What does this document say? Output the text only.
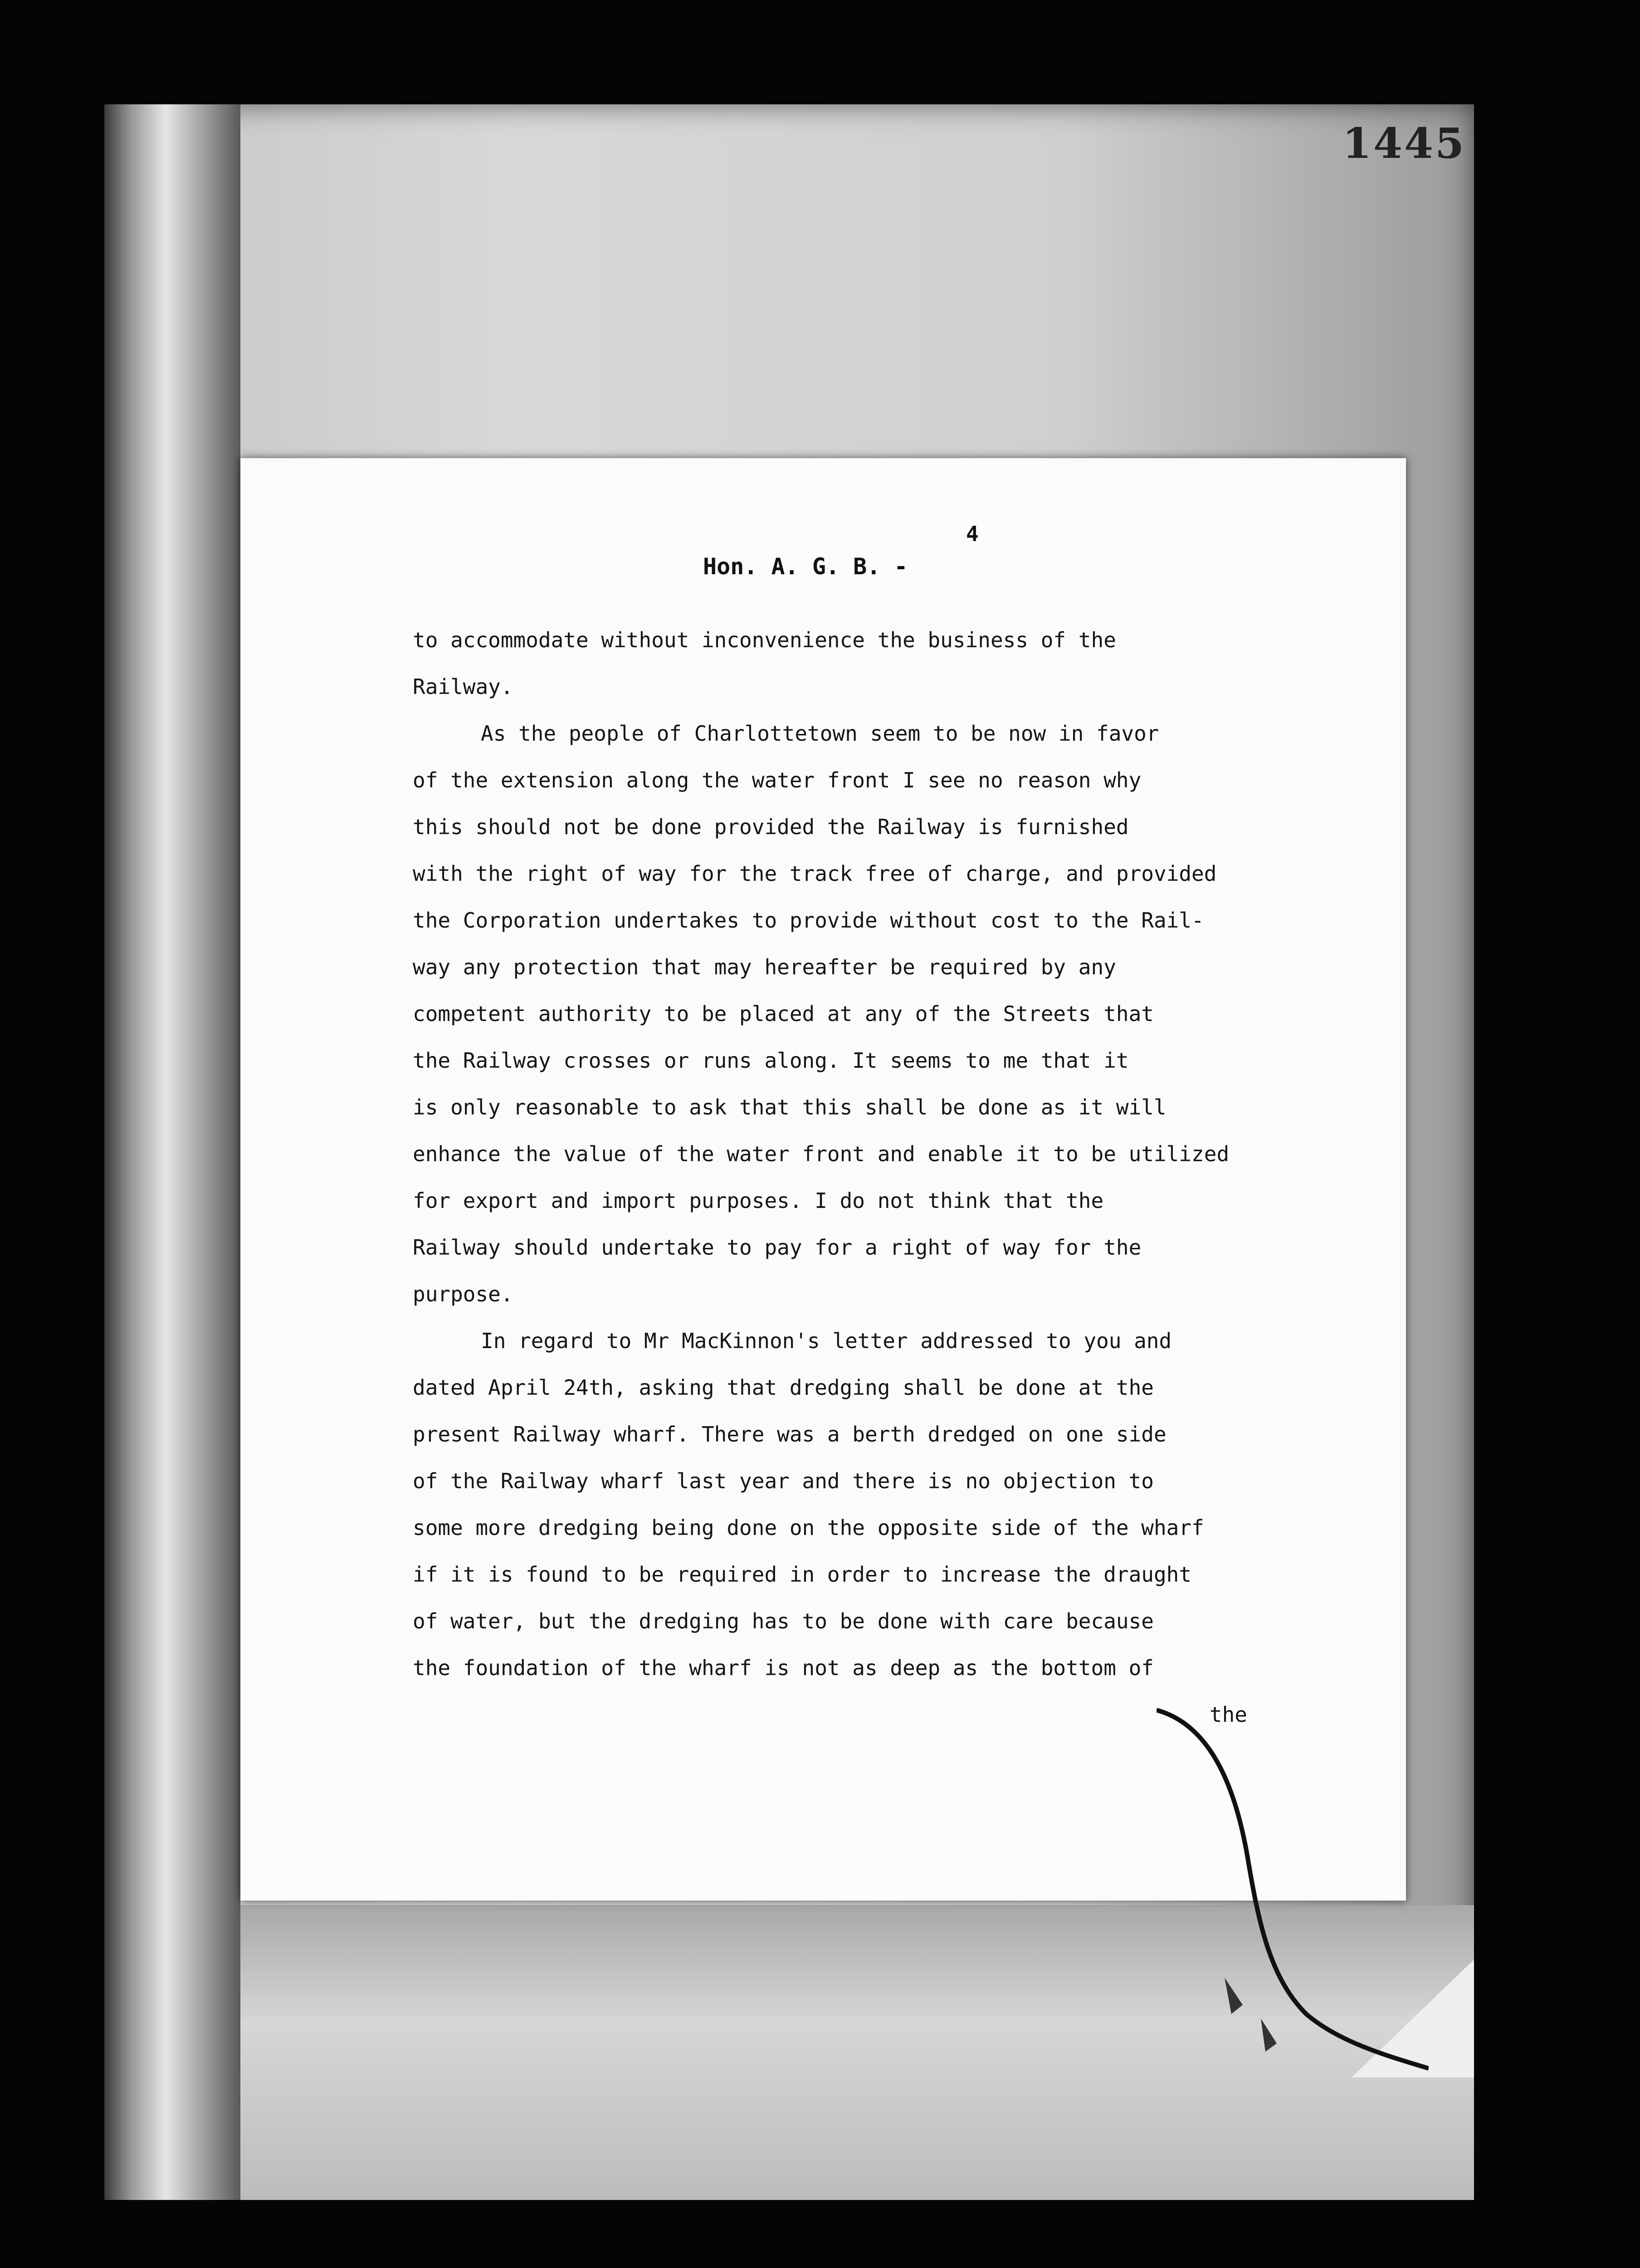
1445
Hon. A. G. B. -
4
to accommodate without inconvenience the business of the
Railway.
As the people of Charlottetown seem to be now in favor
of the extension along the water front I see no reason why
this should not be done provided the Railway is furnished
with the right of way for the track free of charge, and provided
the Corporation undertakes to provide without cost to the Rail-
way any protection that may hereafter be required by any
competent authority to be placed at any of the Streets that
the Railway crosses or runs along. It seems to me that it
is only reasonable to ask that this shall be done as it will
enhance the value of the water front and enable it to be utilized
for export and import purposes. I do not think that the
Railway should undertake to pay for a right of way for the
purpose.
In regard to Mr MacKinnon's letter addressed to you and
dated April 24th, asking that dredging shall be done at the
present Railway wharf. There was a berth dredged on one side
of the Railway wharf last year and there is no objection to
some more dredging being done on the opposite side of the wharf
if it is found to be required in order to increase the draught
of water, but the dredging has to be done with care because
the foundation of the wharf is not as deep as the bottom of
the
